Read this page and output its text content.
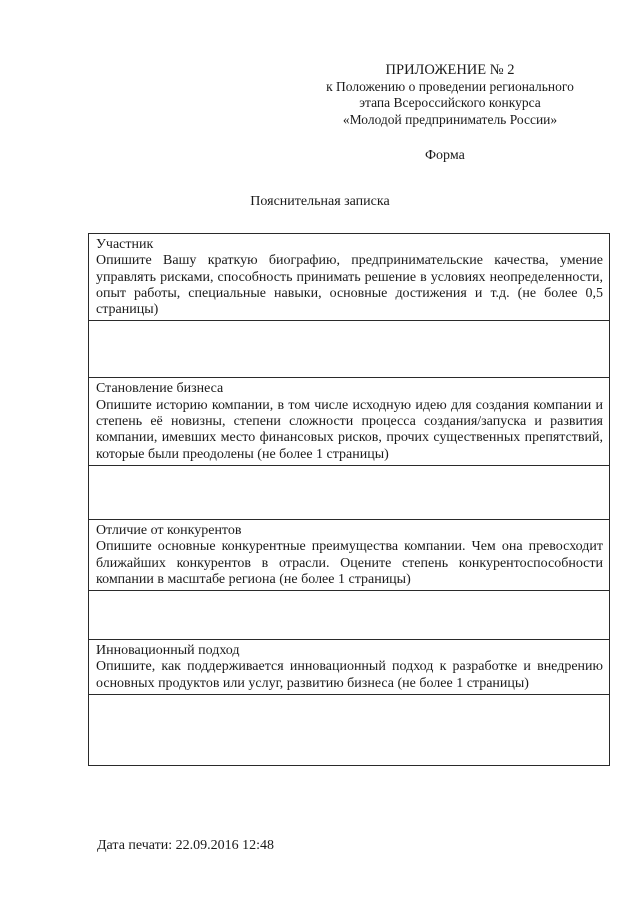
ПРИЛОЖЕНИЕ № 2
к Положению о проведении регионального
этапа Всероссийского конкурса
«Молодой предприниматель России»
Форма
Пояснительная записка
Участник
Опишите Вашу краткую биографию, предпринимательские качества, умение управлять рисками, способность принимать решение в условиях неопределенности, опыт работы, специальные навыки, основные достижения и т.д. (не более 0,5 страницы)
Становление бизнеса
Опишите историю компании, в том числе исходную идею для создания компании и степень её новизны, степени сложности процесса создания/запуска и развития компании, имевших место финансовых рисков, прочих существенных препятствий, которые были преодолены (не более 1 страницы)
Отличие от конкурентов
Опишите основные конкурентные преимущества компании. Чем она превосходит ближайших конкурентов в отрасли. Оцените степень конкурентоспособности компании в масштабе региона (не более 1 страницы)
Инновационный подход
Опишите, как поддерживается инновационный подход к разработке и внедрению основных продуктов или услуг, развитию бизнеса (не более 1 страницы)
Дата печати: 22.09.2016 12:48
